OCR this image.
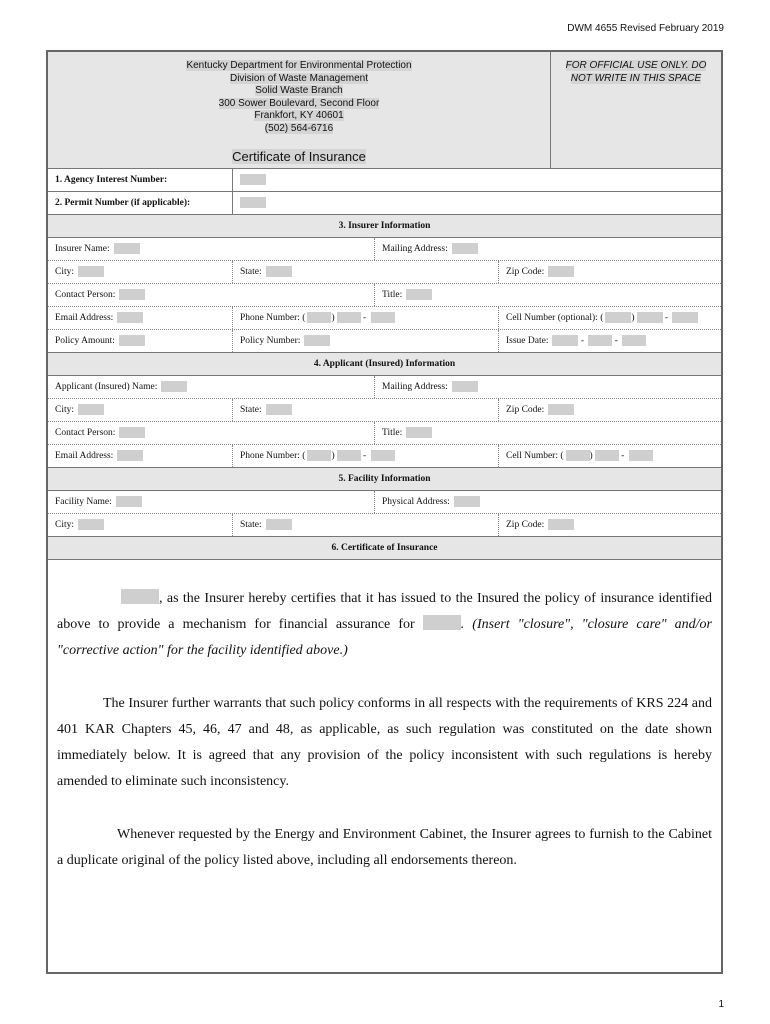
DWM 4655 Revised February 2019
Kentucky Department for Environmental Protection
Division of Waste Management
Solid Waste Branch
300 Sower Boulevard, Second Floor
Frankfort, KY 40601
(502) 564-6716
Certificate of Insurance
FOR OFFICIAL USE ONLY. DO NOT WRITE IN THIS SPACE
1. Agency Interest Number:
2. Permit Number (if applicable):
3. Insurer Information
Insurer Name:	Mailing Address:
City:	State:	Zip Code:
Contact Person:	Title:
Email Address:	Phone Number: (	)	-	Cell Number (optional): (	)	-
Policy Amount:	Policy Number:	Issue Date:	-	-
4. Applicant (Insured) Information
Applicant (Insured) Name:	Mailing Address:
City:	State:	Zip Code:
Contact Person:	Title:
Email Address:	Phone Number: (	)	-	Cell Number: (	)	-
5. Facility Information
Facility Name:	Physical Address:
City:	State:	Zip Code:
6. Certificate of Insurance

, as the Insurer hereby certifies that it has issued to the Insured the policy of insurance identified above to provide a mechanism for financial assurance for	. (Insert "closure", "closure care" and/or "corrective action" for the facility identified above.)

The Insurer further warrants that such policy conforms in all respects with the requirements of KRS 224 and 401 KAR Chapters 45, 46, 47 and 48, as applicable, as such regulation was constituted on the date shown immediately below. It is agreed that any provision of the policy inconsistent with such regulations is hereby amended to eliminate such inconsistency.

Whenever requested by the Energy and Environment Cabinet, the Insurer agrees to furnish to the Cabinet a duplicate original of the policy listed above, including all endorsements thereon.

1
